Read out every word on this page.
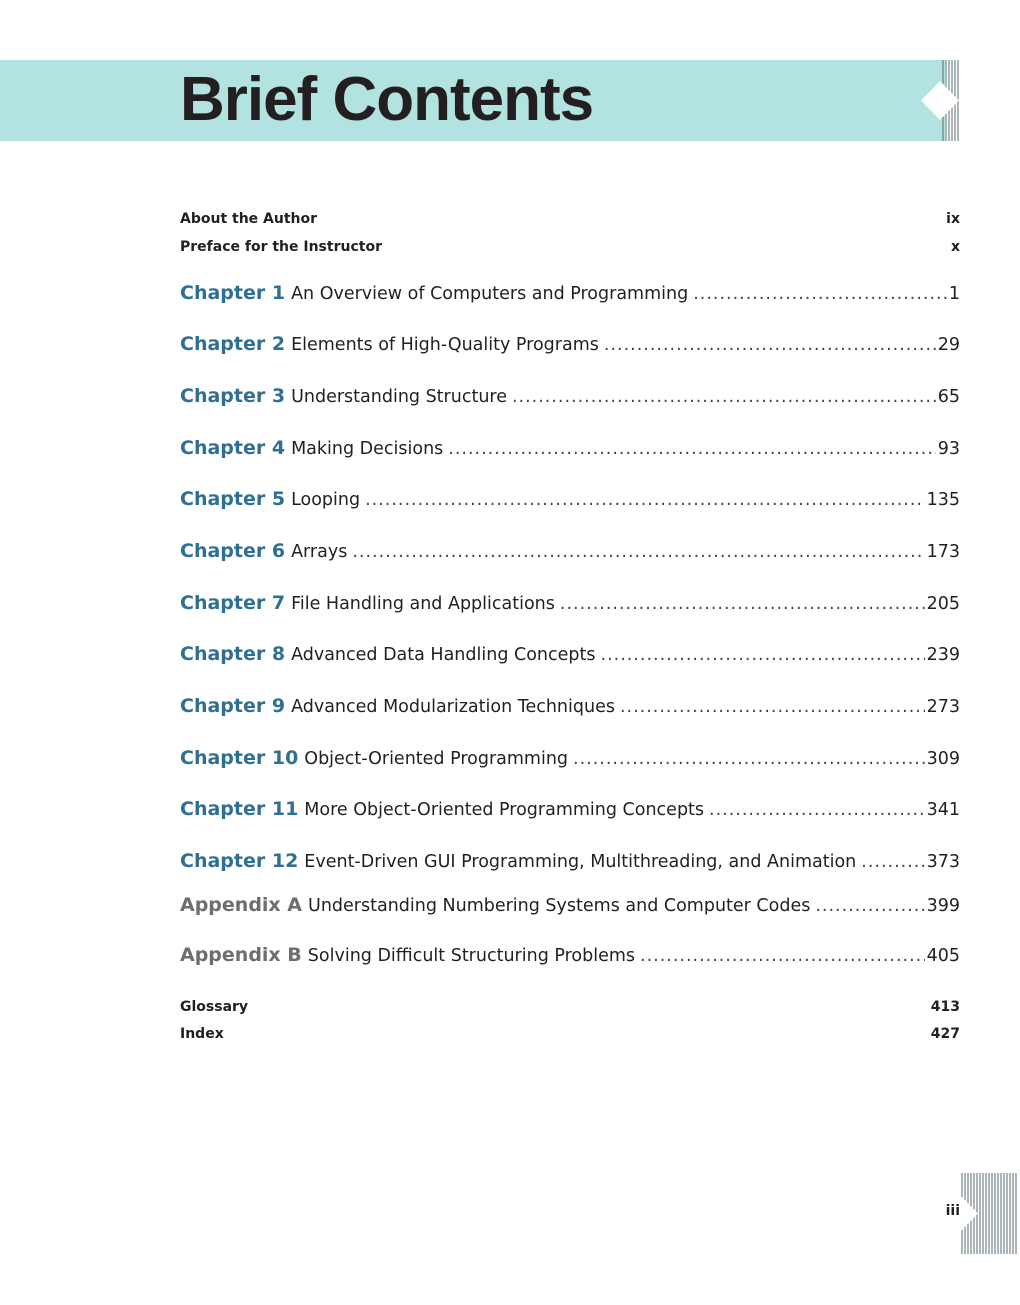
Brief Contents
About the Author	ix
Preface for the Instructor	x
Chapter 1 An Overview of Computers and Programming .....	1
Chapter 2 Elements of High-Quality Programs .....	29
Chapter 3 Understanding Structure .....	65
Chapter 4 Making Decisions .....	93
Chapter 5 Looping .....	135
Chapter 6 Arrays .....	173
Chapter 7 File Handling and Applications .....	205
Chapter 8 Advanced Data Handling Concepts .....	239
Chapter 9 Advanced Modularization Techniques .....	273
Chapter 10 Object-Oriented Programming .....	309
Chapter 11 More Object-Oriented Programming Concepts .....	341
Chapter 12 Event-Driven GUI Programming, Multithreading, and Animation .....	373
Appendix A Understanding Numbering Systems and Computer Codes .....	399
Appendix B Solving Difficult Structuring Problems .....	405
Glossary	413
Index	427
iii
